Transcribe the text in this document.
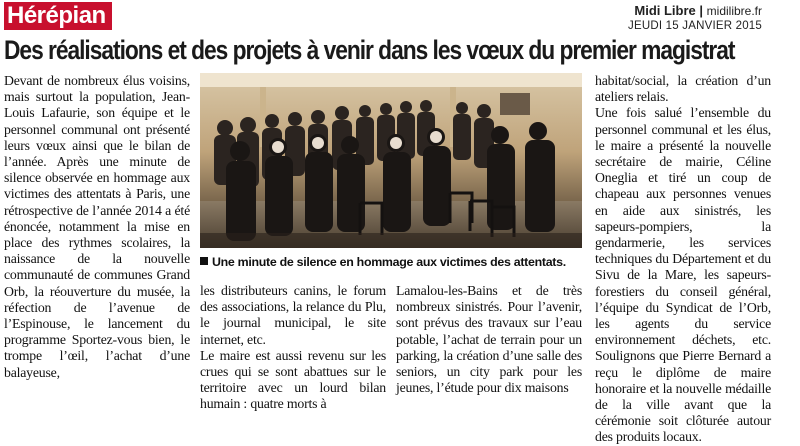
Hérépian	Midi Libre | midilibre.fr
JEUDI 15 JANVIER 2015
Des réalisations et des projets à venir dans les vœux du premier magistrat

Devant de nombreux élus voisins, mais surtout la population, Jean-Louis Lafaurie, son équipe et le personnel communal ont présenté leurs vœux ainsi que le bilan de l’année. Après une minute de silence observée en hommage aux victimes des attentats à Paris, une rétrospective de l’année 2014 a été énoncée, notamment la mise en place des rythmes scolaires, la naissance de la nouvelle communauté de communes Grand Orb, la réouverture du musée, la réfection de l’avenue de l’Espinouse, le lancement du programme Sportez-vous bien, le trompe l’œil, l’achat d’une balayeuse,

Une minute de silence en hommage aux victimes des attentats.

les distributeurs canins, le forum des associations, la relance du Plu, le journal municipal, le site internet, etc.

Le maire est aussi revenu sur les crues qui se sont abattues sur le territoire avec un lourd bilan humain : quatre morts à

Lamalou-les-Bains et de très nombreux sinistrés. Pour l’avenir, sont prévus des travaux sur l’eau potable, l’achat de terrain pour un parking, la création d’une salle des seniors, un city park pour les jeunes, l’étude pour dix maisons

habitat/social, la création d’un ateliers relais.

Une fois salué l’ensemble du personnel communal et les élus, le maire a présenté la nouvelle secrétaire de mairie, Céline Oneglia et tiré un coup de chapeau aux personnes venues en aide aux sinistrés, les sapeurs-pompiers, la gendarmerie, les services techniques du Département et du Sivu de la Mare, les sapeurs-forestiers du conseil général, l’équipe du Syndicat de l’Orb, les agents du service environnement déchets, etc. Soulignons que Pierre Bernard a reçu le diplôme de maire honoraire et la nouvelle médaille de la ville avant que la cérémonie soit clôturée autour des produits locaux.
